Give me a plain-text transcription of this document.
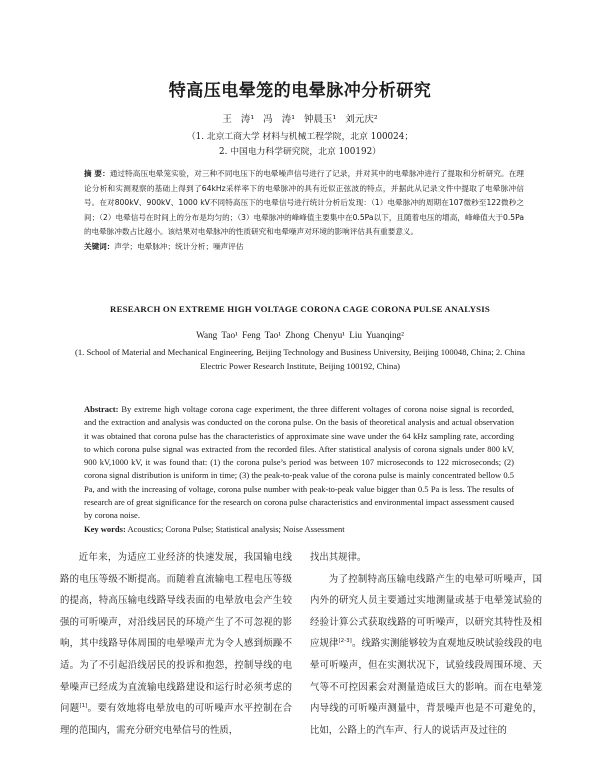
特高压电晕笼的电晕脉冲分析研究
王 涛¹ 冯 涛¹ 钟晨玉¹ 刘元庆²
（1. 北京工商大学 材料与机械工程学院，北京 100024；
2. 中国电力科学研究院，北京 100192）
摘 要：通过特高压电晕笼实验，对三种不同电压下的电晕噪声信号进行了记录，并对其中的电晕脉冲进行了提取和分析研究。在理论分析和实测观察的基础上得到了64kHz采样率下的电晕脉冲的具有近似正弦波的特点，并据此从记录文件中提取了电晕脉冲信号。在对800kV、900kV、1000 kV不同特高压下的电晕信号进行统计分析后发现：（1）电晕脉冲的周期在107微秒至122微秒之间；（2）电晕信号在时间上的分布是均匀的；（3）电晕脉冲的峰峰值主要集中在0.5Pa以下，且随着电压的增高，峰峰值大于0.5Pa的电晕脉冲数占比越小。该结果对电晕脉冲的性质研究和电晕噪声对环境的影响评估具有重要意义。
关键词：声学；电晕脉冲；统计分析；噪声评估
RESEARCH ON EXTREME HIGH VOLTAGE CORONA CAGE CORONA PULSE ANALYSIS
Wang Tao¹ Feng Tao¹ Zhong Chenyu¹ Liu Yuanqing²
(1. School of Material and Mechanical Engineering, Beijing Technology and Business University, Beijing 100048, China; 2. China Electric Power Research Institute, Beijing 100192, China)
Abstract: By extreme high voltage corona cage experiment, the three different voltages of corona noise signal is recorded, and the extraction and analysis was conducted on the corona pulse. On the basis of theoretical analysis and actual observation it was obtained that corona pulse has the characteristics of approximate sine wave under the 64 kHz sampling rate, according to which corona pulse signal was extracted from the recorded files. After statistical analysis of corona signals under 800 kV, 900 kV,1000 kV, it was found that: (1) the corona pulse’s period was between 107 microseconds to 122 microseconds; (2) corona signal distribution is uniform in time; (3) the peak-to-peak value of the corona pulse is mainly concentrated bellow 0.5 Pa, and with the increasing of voltage, corona pulse number with peak-to-peak value bigger than 0.5 Pa is less. The results of research are of great significance for the research on corona pulse characteristics and environmental impact assessment caused by corona noise.
Key words: Acoustics; Corona Pulse; Statistical analysis; Noise Assessment

近年来，为适应工业经济的快速发展，我国输电线路的电压等级不断提高。而随着直流输电工程电压等级的提高，特高压输电线路导线表面的电晕放电会产生较强的可听噪声，对沿线居民的环境产生了不可忽视的影响，其中线路导体周围的电晕噪声尤为令人感到烦躁不适。为了不引起沿线居民的投诉和抱怨，控制导线的电晕噪声已经成为直流输电线路建设和运行时必须考虑的问题[1]。要有效地将电晕放电的可听噪声水平控制在合理的范围内，需充分研究电晕信号的性质，

找出其规律。

为了控制特高压输电线路产生的电晕可听噪声，国内外的研究人员主要通过实地测量或基于电晕笼试验的经验计算公式获取线路的可听噪声，以研究其特性及相应规律[2-3]。线路实测能够较为直观地反映试验线段的电晕可听噪声，但在实测状况下，试验线段周围环境、天气等不可控因素会对测量造成巨大的影响。而在电晕笼内导线的可听噪声测量中，背景噪声也是不可避免的，比如，公路上的汽车声、行人的说话声及过往的
